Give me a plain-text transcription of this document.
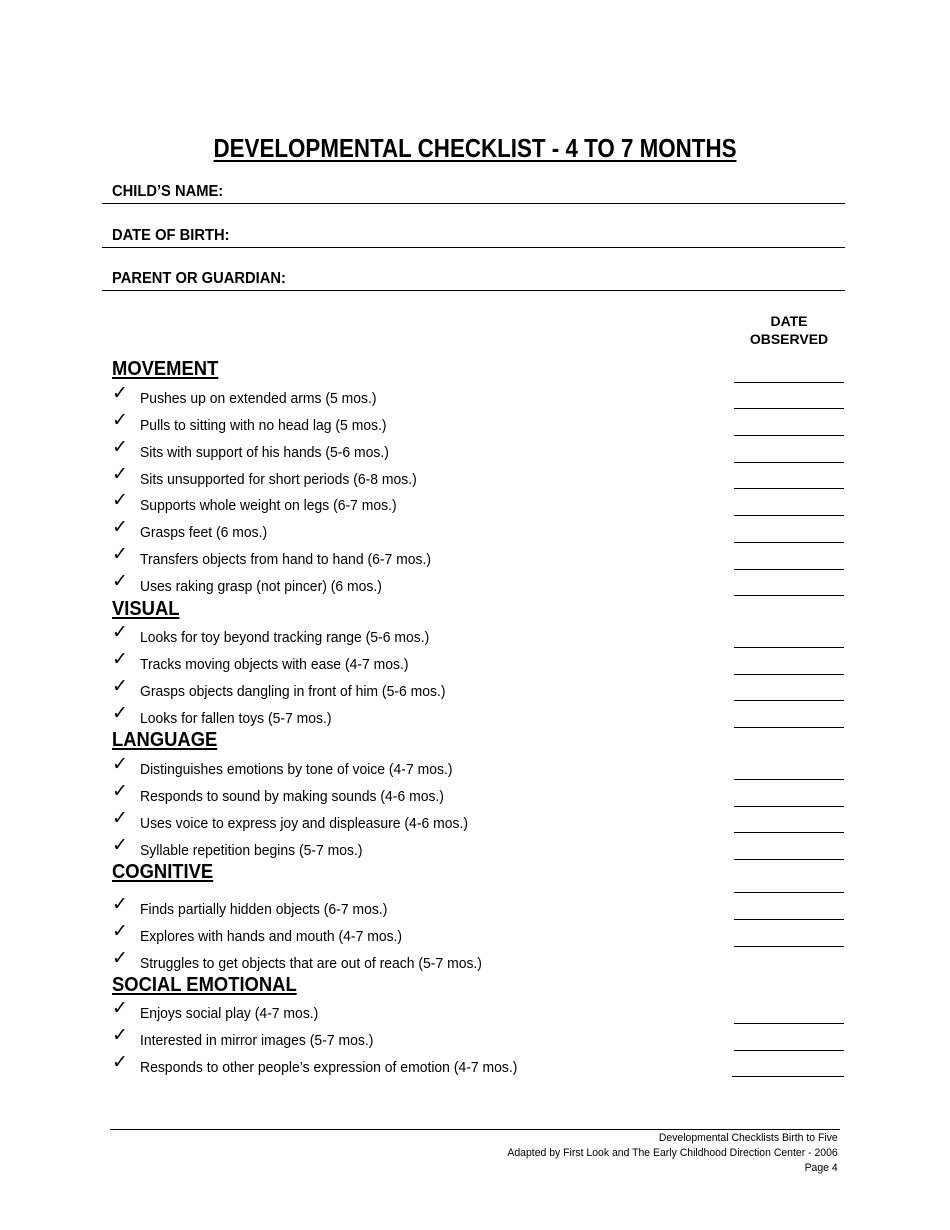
DEVELOPMENTAL CHECKLIST - 4 TO 7 MONTHS
CHILD’S NAME:
DATE OF BIRTH:
PARENT OR GUARDIAN:
DATE
OBSERVED
MOVEMENT
✓ Pushes up on extended arms (5 mos.)
✓ Pulls to sitting with no head lag (5 mos.)
✓ Sits with support of his hands (5-6 mos.)
✓ Sits unsupported for short periods (6-8 mos.)
✓ Supports whole weight on legs (6-7 mos.)
✓ Grasps feet (6 mos.)
✓ Transfers objects from hand to hand (6-7 mos.)
✓ Uses raking grasp (not pincer) (6 mos.)
VISUAL
✓ Looks for toy beyond tracking range (5-6 mos.)
✓ Tracks moving objects with ease (4-7 mos.)
✓ Grasps objects dangling in front of him (5-6 mos.)
✓ Looks for fallen toys (5-7 mos.)
LANGUAGE
✓ Distinguishes emotions by tone of voice (4-7 mos.)
✓ Responds to sound by making sounds (4-6 mos.)
✓ Uses voice to express joy and displeasure (4-6 mos.)
✓ Syllable repetition begins (5-7 mos.)
COGNITIVE
✓ Finds partially hidden objects (6-7 mos.)
✓ Explores with hands and mouth (4-7 mos.)
✓ Struggles to get objects that are out of reach (5-7 mos.)
SOCIAL EMOTIONAL
✓ Enjoys social play (4-7 mos.)
✓ Interested in mirror images (5-7 mos.)
✓ Responds to other people’s expression of emotion (4-7 mos.)
Developmental Checklists Birth to Five
Adapted by First Look and The Early Childhood Direction Center - 2006
Page 4
